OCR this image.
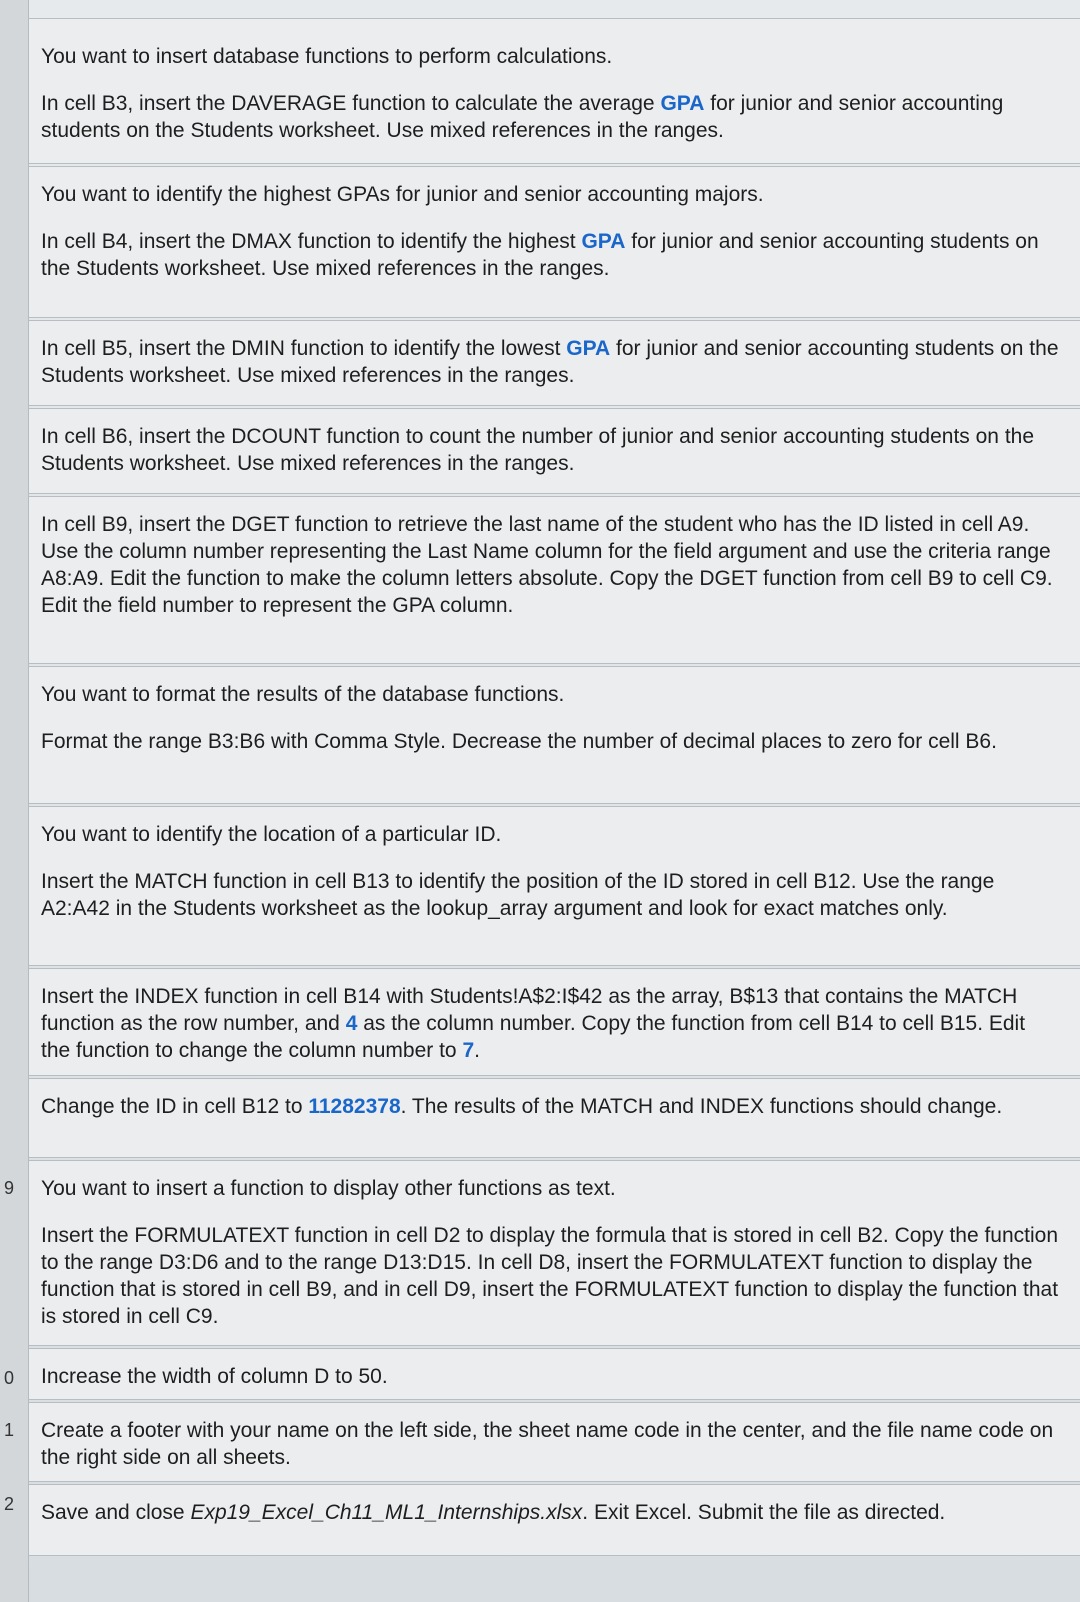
9
0
1
2

You want to insert database functions to perform calculations.

In cell B3, insert the DAVERAGE function to calculate the average GPA for junior and senior accounting students on the Students worksheet. Use mixed references in the ranges.

You want to identify the highest GPAs for junior and senior accounting majors.

In cell B4, insert the DMAX function to identify the highest GPA for junior and senior accounting students on the Students worksheet. Use mixed references in the ranges.

In cell B5, insert the DMIN function to identify the lowest GPA for junior and senior accounting students on the Students worksheet. Use mixed references in the ranges.

In cell B6, insert the DCOUNT function to count the number of junior and senior accounting students on the Students worksheet. Use mixed references in the ranges.

In cell B9, insert the DGET function to retrieve the last name of the student who has the ID listed in cell A9. Use the column number representing the Last Name column for the field argument and use the criteria range A8:A9. Edit the function to make the column letters absolute. Copy the DGET function from cell B9 to cell C9. Edit the field number to represent the GPA column.

You want to format the results of the database functions.

Format the range B3:B6 with Comma Style. Decrease the number of decimal places to zero for cell B6.

You want to identify the location of a particular ID.

Insert the MATCH function in cell B13 to identify the position of the ID stored in cell B12. Use the range A2:A42 in the Students worksheet as the lookup_array argument and look for exact matches only.

Insert the INDEX function in cell B14 with Students!A$2:I$42 as the array, B$13 that contains the MATCH function as the row number, and 4 as the column number. Copy the function from cell B14 to cell B15. Edit the function to change the column number to 7.

Change the ID in cell B12 to 11282378. The results of the MATCH and INDEX functions should change.

You want to insert a function to display other functions as text.

Insert the FORMULATEXT function in cell D2 to display the formula that is stored in cell B2. Copy the function to the range D3:D6 and to the range D13:D15. In cell D8, insert the FORMULATEXT function to display the function that is stored in cell B9, and in cell D9, insert the FORMULATEXT function to display the function that is stored in cell C9.

Increase the width of column D to 50.

Create a footer with your name on the left side, the sheet name code in the center, and the file name code on the right side on all sheets.

Save and close Exp19_Excel_Ch11_ML1_Internships.xlsx. Exit Excel. Submit the file as directed.
